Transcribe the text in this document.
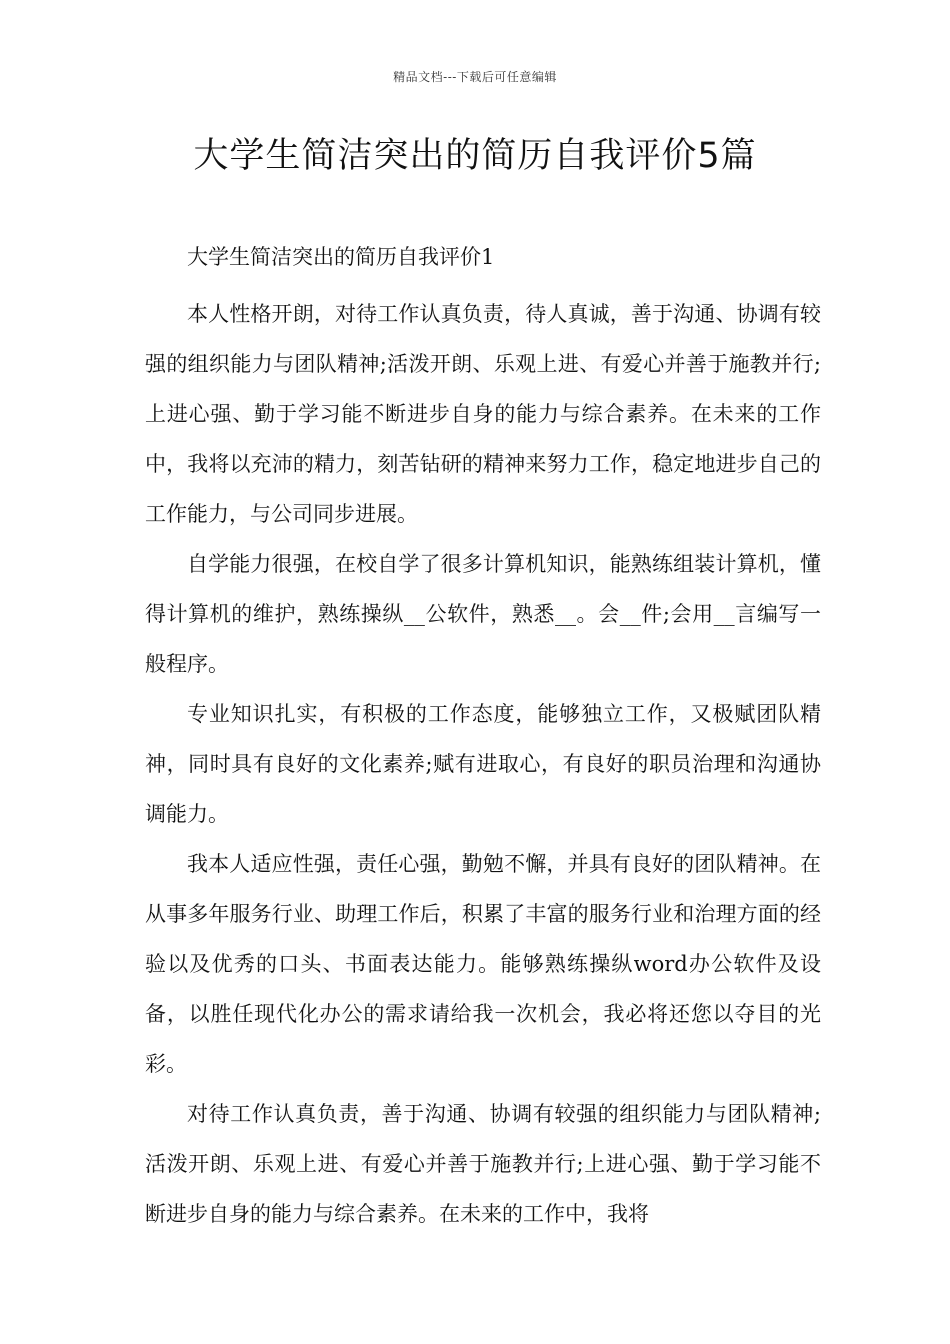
精品文档---下载后可任意编辑
大学生简洁突出的简历自我评价5篇

大学生简洁突出的简历自我评价1

本人性格开朗，对待工作认真负责，待人真诚，善于沟通、协调有较强的组织能力与团队精神;活泼开朗、乐观上进、有爱心并善于施教并行;上进心强、勤于学习能不断进步自身的能力与综合素养。在未来的工作中，我将以充沛的精力，刻苦钻研的精神来努力工作，稳定地进步自己的工作能力，与公司同步进展。

自学能力很强，在校自学了很多计算机知识，能熟练组装计算机，懂得计算机的维护，熟练操纵__公软件，熟悉__。会__件;会用__言编写一般程序。

专业知识扎实，有积极的工作态度，能够独立工作，又极赋团队精神，同时具有良好的文化素养;赋有进取心，有良好的职员治理和沟通协调能力。

我本人适应性强，责任心强，勤勉不懈，并具有良好的团队精神。在从事多年服务行业、助理工作后，积累了丰富的服务行业和治理方面的经验以及优秀的口头、书面表达能力。能够熟练操纵word办公软件及设备，以胜任现代化办公的需求请给我一次机会，我必将还您以夺目的光彩。

对待工作认真负责，善于沟通、协调有较强的组织能力与团队精神;活泼开朗、乐观上进、有爱心并善于施教并行;上进心强、勤于学习能不断进步自身的能力与综合素养。在未来的工作中，我将
